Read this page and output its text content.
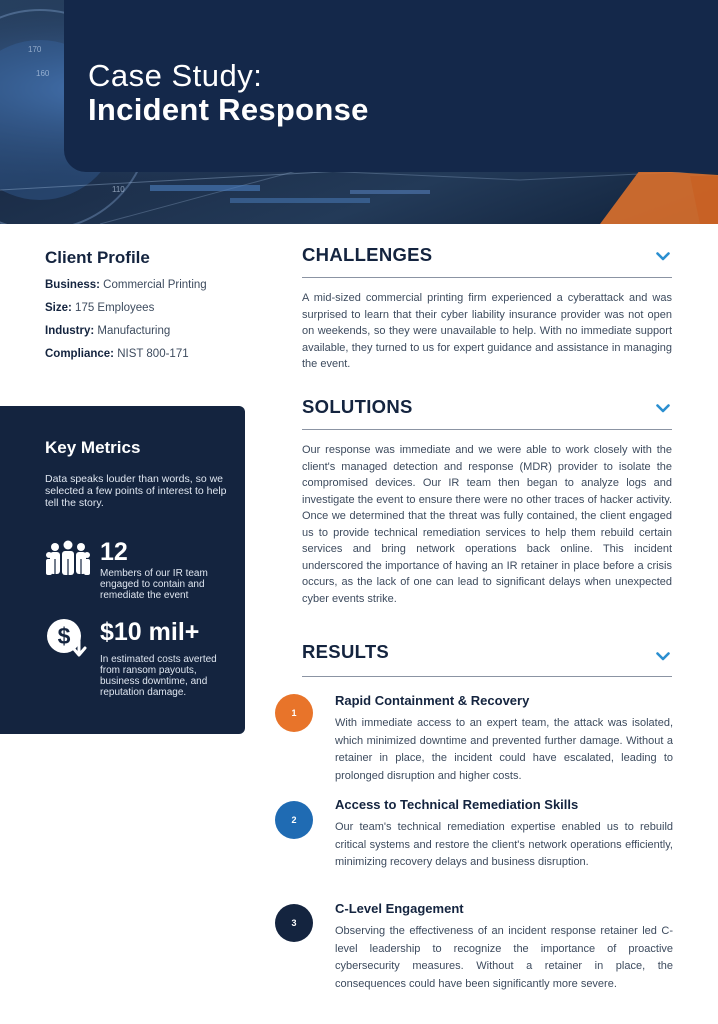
170
160
110
Case Study:
Incident Response
Client Profile
Business: Commercial Printing
Size: 175 Employees
Industry: Manufacturing
Compliance: NIST 800-171
Key Metrics
Data speaks louder than words, so we selected a few points of interest to help tell the story.
12
Members of our IR team engaged to contain and remediate the event
$ $10 mil+
In estimated costs averted from ransom payouts, business downtime, and reputation damage.
CHALLENGES
A mid-sized commercial printing firm experienced a cyberattack and was surprised to learn that their cyber liability insurance provider was not open on weekends, so they were unavailable to help. With no immediate support available, they turned to us for expert guidance and assistance in managing the event.
SOLUTIONS
Our response was immediate and we were able to work closely with the client's managed detection and response (MDR) provider to isolate the compromised devices. Our IR team then began to analyze logs and investigate the event to ensure there were no other traces of hacker activity. Once we determined that the threat was fully contained, the client engaged us to provide technical remediation services to help them rebuild certain services and bring network operations back online. This incident underscored the importance of having an IR retainer in place before a crisis occurs, as the lack of one can lead to significant delays when unexpected cyber events strike.
RESULTS
1
Rapid Containment & Recovery
With immediate access to an expert team, the attack was isolated, which minimized downtime and prevented further damage. Without a retainer in place, the incident could have escalated, leading to prolonged disruption and higher costs.
2
Access to Technical Remediation Skills
Our team's technical remediation expertise enabled us to rebuild critical systems and restore the client's network operations efficiently, minimizing recovery delays and business disruption.
3
C-Level Engagement
Observing the effectiveness of an incident response retainer led C-level leadership to recognize the importance of proactive cybersecurity measures. Without a retainer in place, the consequences could have been significantly more severe.
